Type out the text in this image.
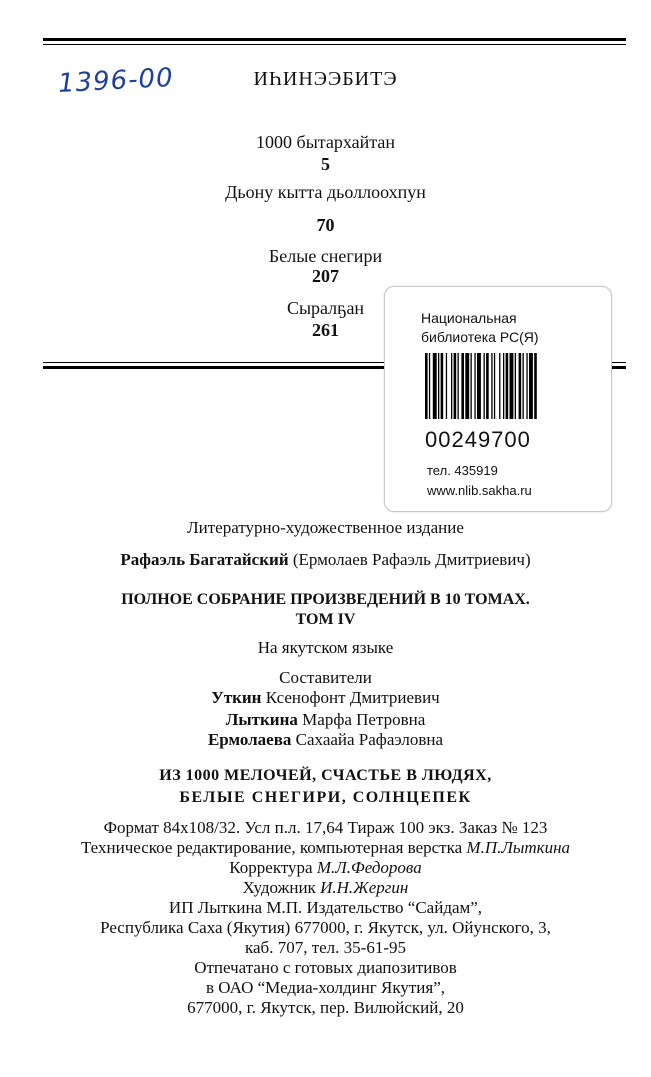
1396-00	ИҺИНЭЭБИТЭ
1000 бытархайтан
5
Дьону кытта дьоллоохпун
70
Белые снегири
207
Сыралҕан
261
Национальная
библиотека РС(Я)
00249700
тел. 435919
www.nlib.sakha.ru
Литературно-художественное издание
Рафаэль Багатайский (Ермолаев Рафаэль Дмитриевич)
ПОЛНОЕ СОБРАНИЕ ПРОИЗВЕДЕНИЙ В 10 ТОМАХ.
ТОМ IV
На якутском языке
Составители
Уткин Ксенофонт Дмитриевич
Лыткина Марфа Петровна
Ермолаева Сахаайа Рафаэловна
ИЗ 1000 МЕЛОЧЕЙ, СЧАСТЬЕ В ЛЮДЯХ,
БЕЛЫЕ СНЕГИРИ, СОЛНЦЕПЕК
Формат 84х108/32. Усл п.л. 17,64 Тираж 100 экз. Заказ № 123
Техническое редактирование, компьютерная верстка М.П.Лыткина
Корректура М.Л.Федорова
Художник И.Н.Жергин
ИП Лыткина М.П. Издательство “Сайдам”,
Республика Саха (Якутия) 677000, г. Якутск, ул. Ойунского, 3,
каб. 707, тел. 35-61-95
Отпечатано с готовых диапозитивов
в ОАО “Медиа-холдинг Якутия”,
677000, г. Якутск, пер. Вилюйский, 20
